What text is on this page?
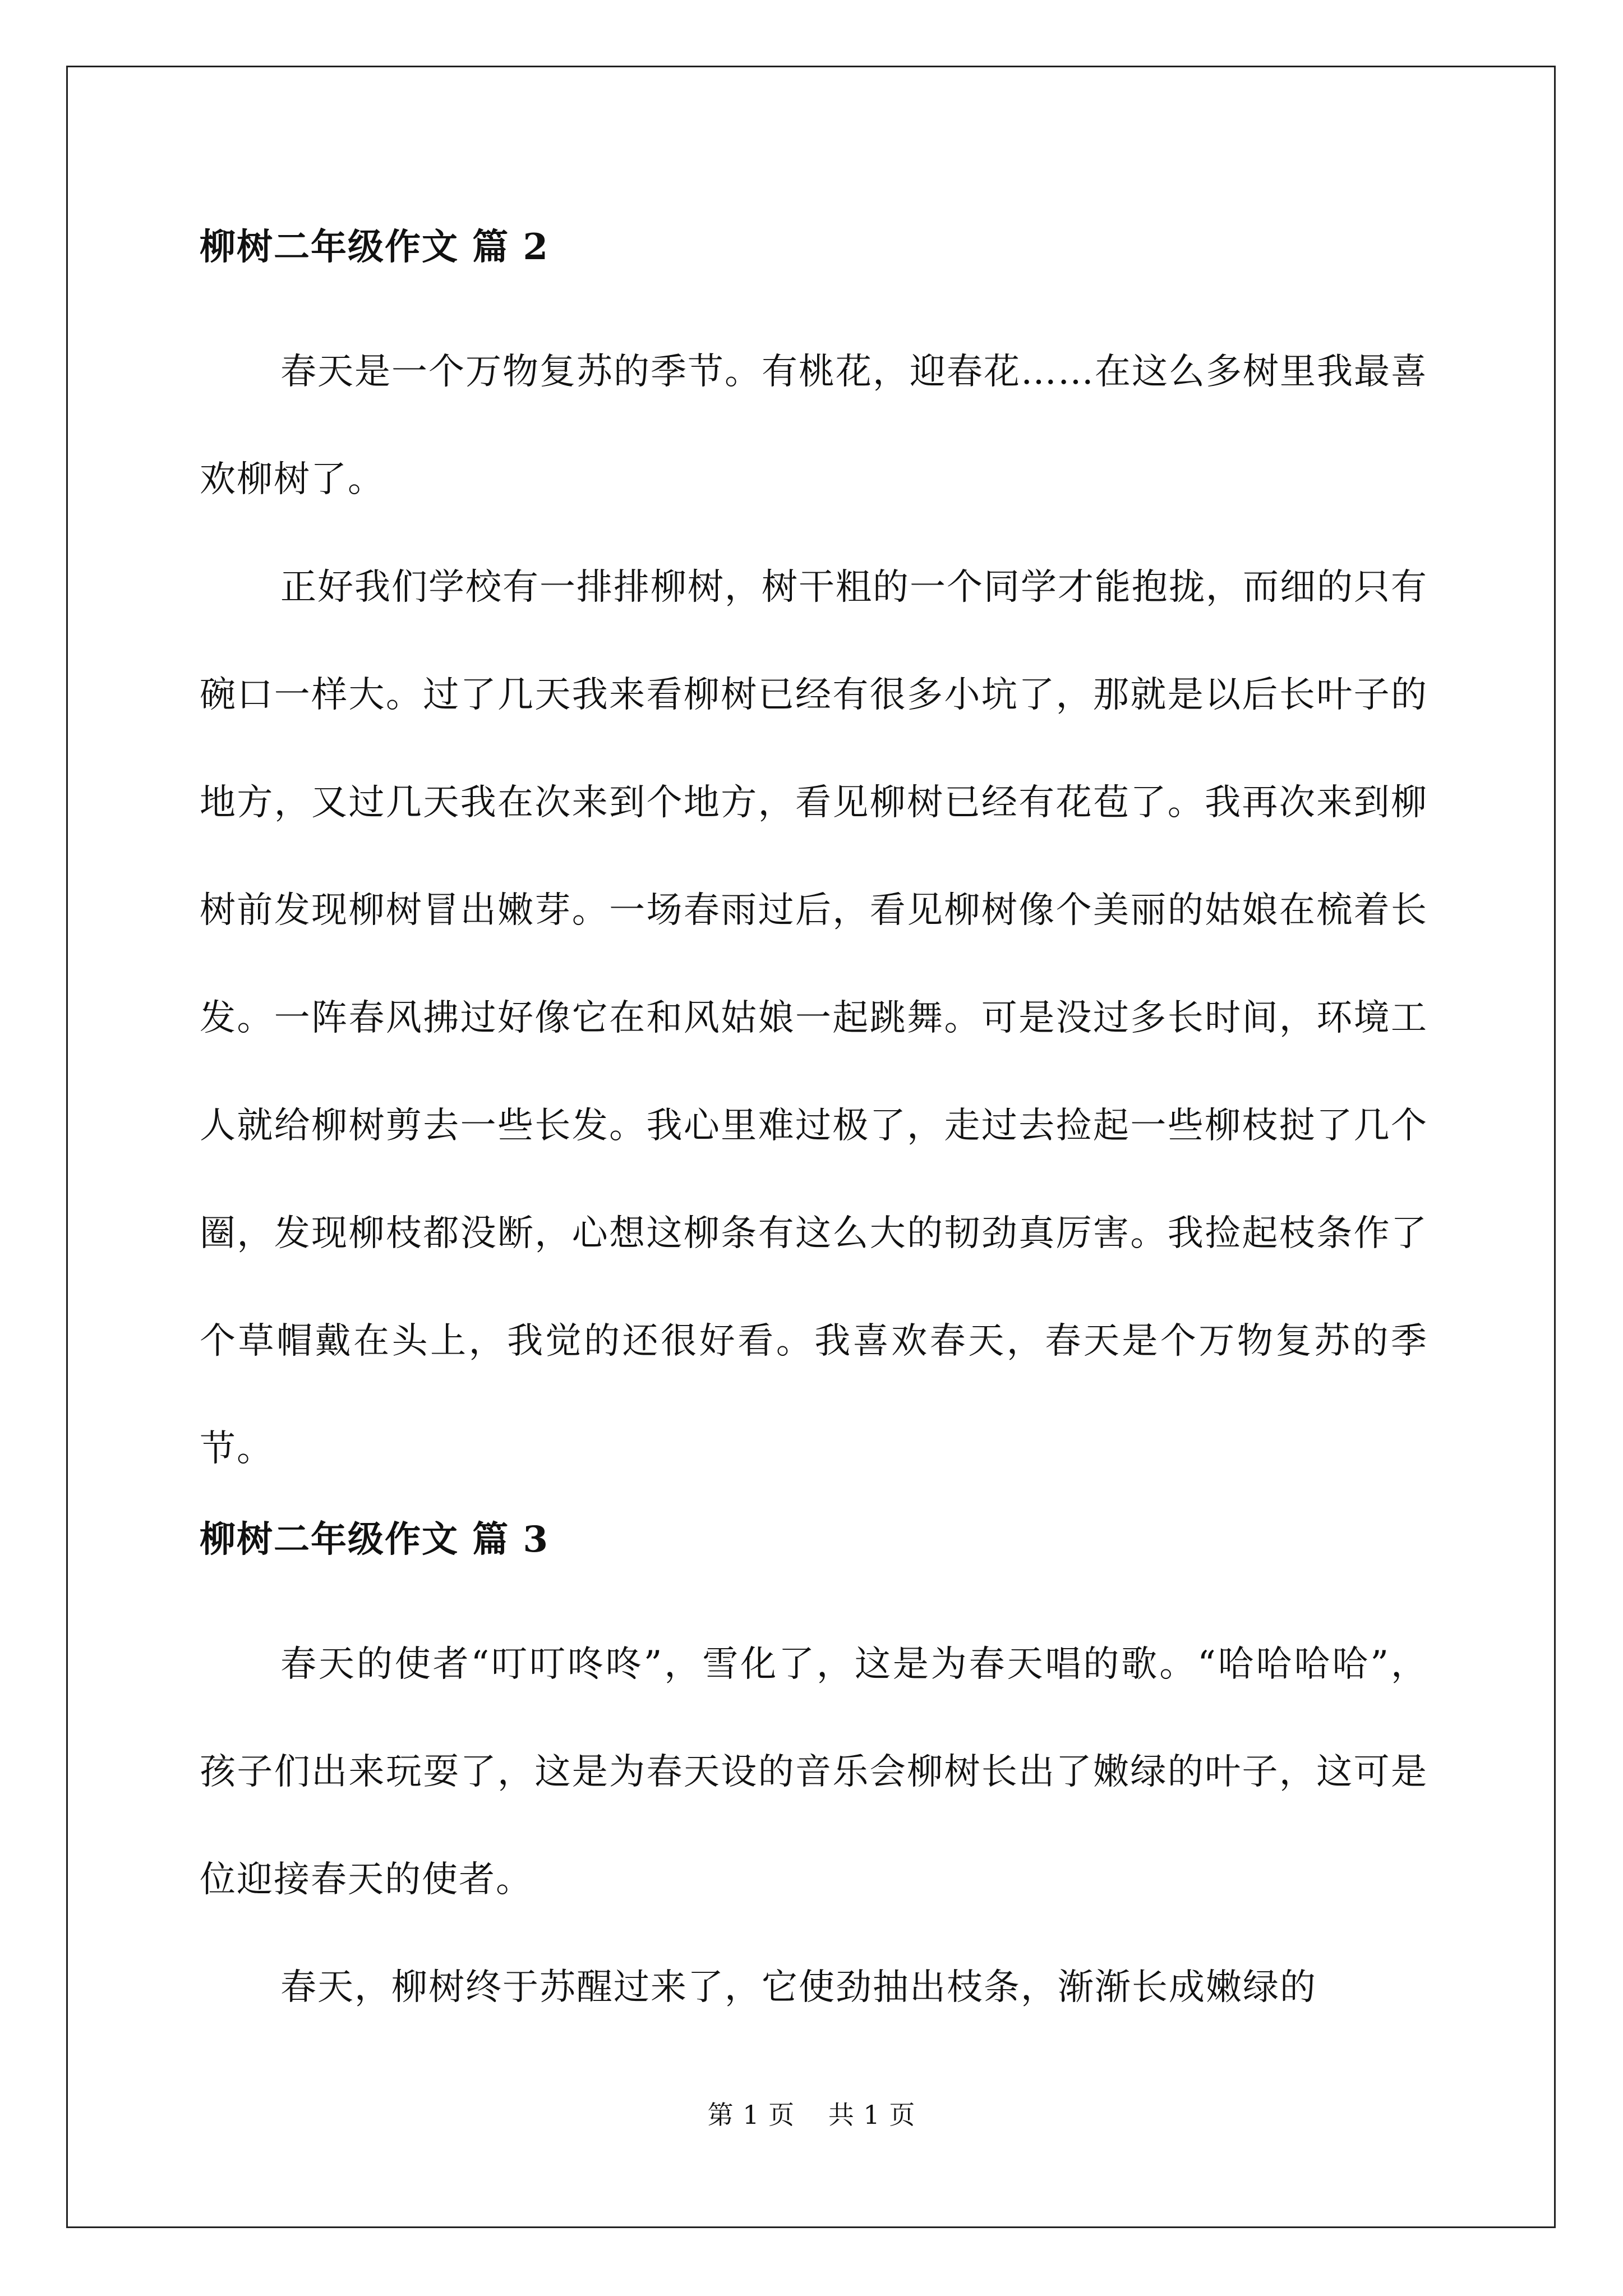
柳树二年级作文 篇 2

春天是一个万物复苏的季节。有桃花，迎春花……在这么多树里我最喜欢柳树了。

正好我们学校有一排排柳树，树干粗的一个同学才能抱拢，而细的只有碗口一样大。过了几天我来看柳树已经有很多小坑了，那就是以后长叶子的地方，又过几天我在次来到个地方，看见柳树已经有花苞了。我再次来到柳树前发现柳树冒出嫩芽。一场春雨过后，看见柳树像个美丽的姑娘在梳着长发。一阵春风拂过好像它在和风姑娘一起跳舞。可是没过多长时间，环境工人就给柳树剪去一些长发。我心里难过极了，走过去捡起一些柳枝挝了几个圈，发现柳枝都没断，心想这柳条有这么大的韧劲真厉害。我捡起枝条作了个草帽戴在头上，我觉的还很好看。我喜欢春天，春天是个万物复苏的季节。

柳树二年级作文 篇 3

春天的使者“叮叮咚咚”，雪化了，这是为春天唱的歌。“哈哈哈哈”，孩子们出来玩耍了，这是为春天设的音乐会柳树长出了嫩绿的叶子，这可是位迎接春天的使者。

春天，柳树终于苏醒过来了，它使劲抽出枝条，渐渐长成嫩绿的

第 1 页 共 1 页
